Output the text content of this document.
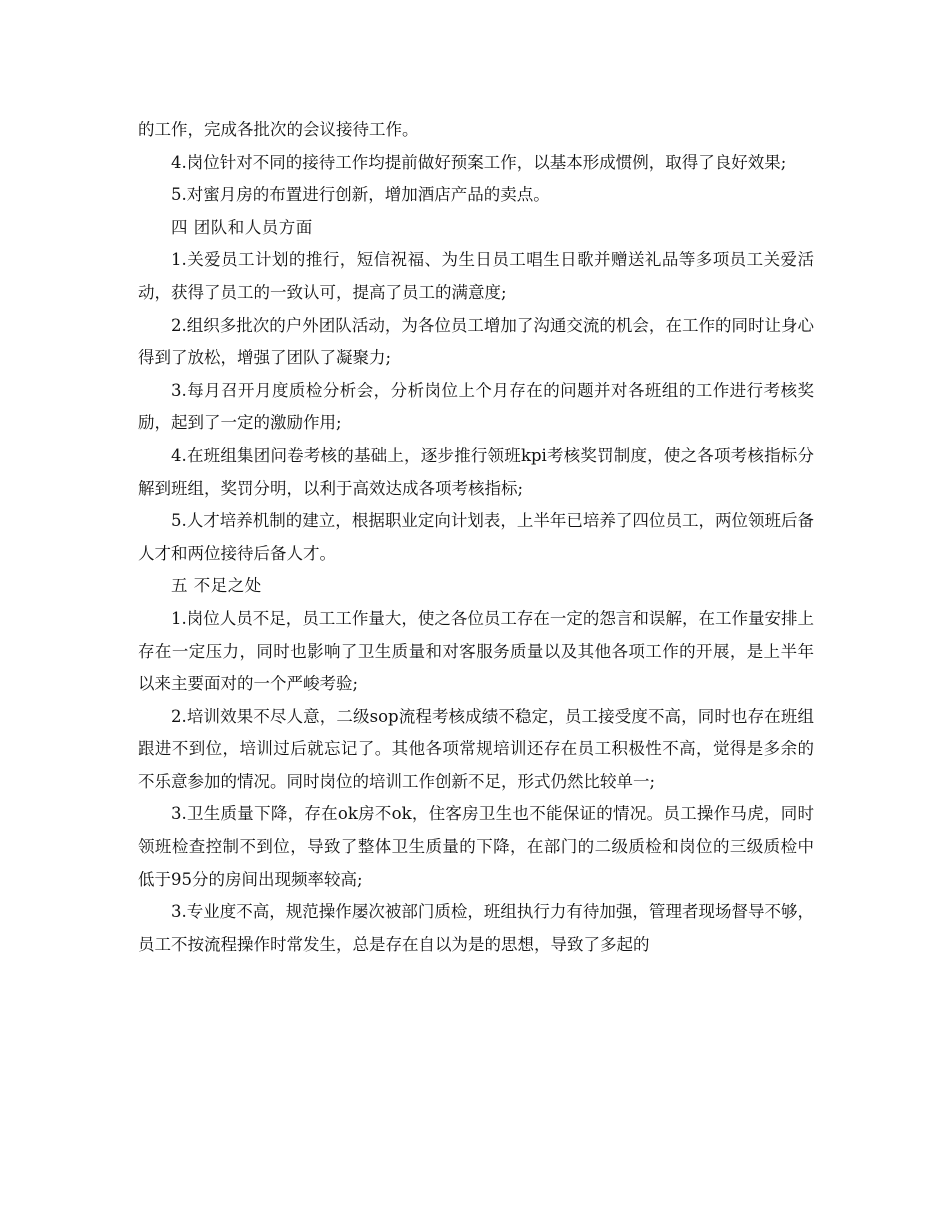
的工作，完成各批次的会议接待工作。

4.岗位针对不同的接待工作均提前做好预案工作，以基本形成惯例，取得了良好效果;

5.对蜜月房的布置进行创新，增加酒店产品的卖点。

四 团队和人员方面

1.关爱员工计划的推行，短信祝福、为生日员工唱生日歌并赠送礼品等多项员工关爱活动，获得了员工的一致认可，提高了员工的满意度;

2.组织多批次的户外团队活动，为各位员工增加了沟通交流的机会，在工作的同时让身心得到了放松，增强了团队了凝聚力;

3.每月召开月度质检分析会，分析岗位上个月存在的问题并对各班组的工作进行考核奖励，起到了一定的激励作用;

4.在班组集团问卷考核的基础上，逐步推行领班kpi考核奖罚制度，使之各项考核指标分解到班组，奖罚分明，以利于高效达成各项考核指标;

5.人才培养机制的建立，根据职业定向计划表，上半年已培养了四位员工，两位领班后备人才和两位接待后备人才。

五 不足之处

1.岗位人员不足，员工工作量大，使之各位员工存在一定的怨言和误解，在工作量安排上存在一定压力，同时也影响了卫生质量和对客服务质量以及其他各项工作的开展，是上半年以来主要面对的一个严峻考验;

2.培训效果不尽人意，二级sop流程考核成绩不稳定，员工接受度不高，同时也存在班组跟进不到位，培训过后就忘记了。其他各项常规培训还存在员工积极性不高，觉得是多余的不乐意参加的情况。同时岗位的培训工作创新不足，形式仍然比较单一;

3.卫生质量下降，存在ok房不ok，住客房卫生也不能保证的情况。员工操作马虎，同时领班检查控制不到位，导致了整体卫生质量的下降，在部门的二级质检和岗位的三级质检中低于95分的房间出现频率较高;

3.专业度不高，规范操作屡次被部门质检，班组执行力有待加强，管理者现场督导不够，员工不按流程操作时常发生，总是存在自以为是的思想，导致了多起的
